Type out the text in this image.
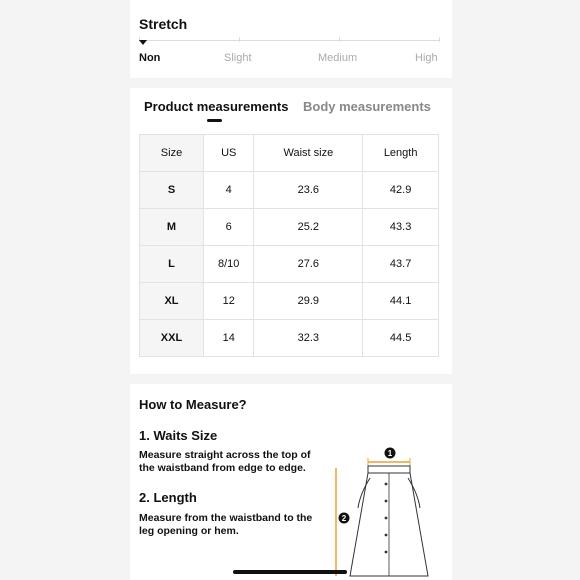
Stretch
Non	Slight	Medium	High
Product measurements Body measurements
Size	US	Waist size	Length
S	4	23.6	42.9
M	6	25.2	43.3
L	8/10	27.6	43.7
XL	12	29.9	44.1
XXL	14	32.3	44.5
How to Measure?
1. Waits Size
Measure straight across the top of the waistband from edge to edge.
2. Length
Measure from the waistband to the leg opening or hem.
1
2
